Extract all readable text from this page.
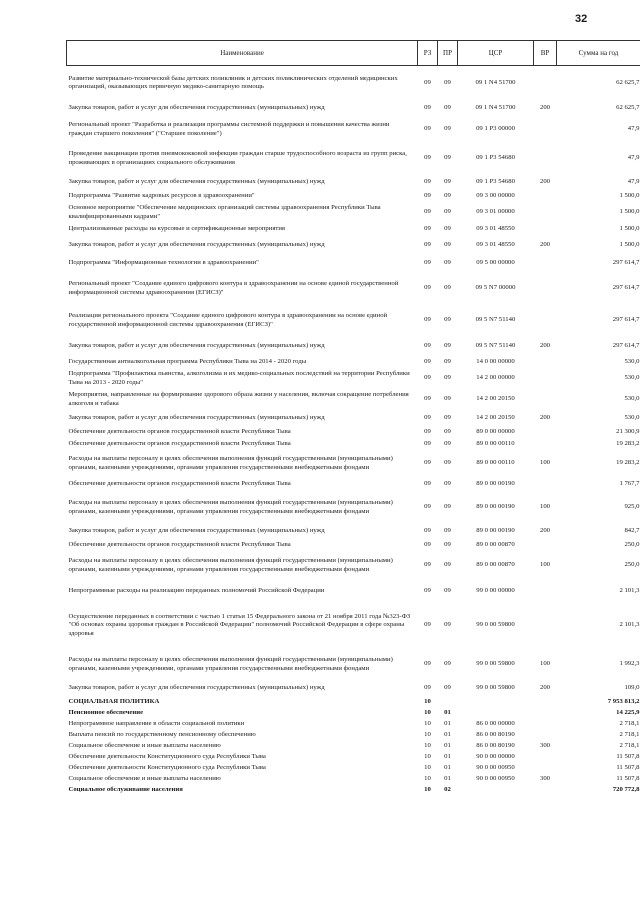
32
Наименование	РЗ	ПР	ЦСР	ВР	Сумма на год
Развитие материально-технической базы детских поликлиник и детских поликлинических отделений медицинских организаций, оказывающих первичную медико-санитарную помощь	09	09	09 1 N4 51700		62 625,7
Закупка товаров, работ и услуг для обеспечения государственных (муниципальных) нужд	09	09	09 1 N4 51700	200	62 625,7
Региональный проект "Разработка и реализация программы системной поддержки и повышения качества жизни граждан старшего поколения" ("Старшее поколение")	09	09	09 1 P3 00000		47,9
Проведение вакцинации против пневмококковой инфекции граждан старше трудоспособного возраста из групп риска, проживающих в организациях социального обслуживания	09	09	09 1 P3 54680		47,9
Закупка товаров, работ и услуг для обеспечения государственных (муниципальных) нужд	09	09	09 1 P3 54680	200	47,9
Подпрограмма "Развитие кадровых ресурсов в здравоохранении"	09	09	09 3 00 00000		1 500,0
Основное мероприятие "Обеспечение медицинских организаций системы здравоохранения Республики Тыва квалифицированными кадрами"	09	09	09 3 01 00000		1 500,0
Централизованные расходы на курсовые и сертификационные мероприятия	09	09	09 3 01 48550		1 500,0
Закупка товаров, работ и услуг для обеспечения государственных (муниципальных) нужд	09	09	09 3 01 48550	200	1 500,0
Подпрограмма "Информационные технологии в здравоохранении"	09	09	09 5 00 00000		297 614,7
Региональный проект "Создание единого цифрового контура в здравоохранении на основе единой государственной информационной системы здравоохранения (ЕГИСЗ)"	09	09	09 5 N7 00000		297 614,7
Реализация регионального проекта "Создание единого цифрового контура в здравоохранении на основе единой государственной информационной системы здравоохранения (ЕГИСЗ)"	09	09	09 5 N7 51140		297 614,7
Закупка товаров, работ и услуг для обеспечения государственных (муниципальных) нужд	09	09	09 5 N7 51140	200	297 614,7
Государственная антиалкогольная программа Республики Тыва на 2014 - 2020 годы	09	09	14 0 00 00000		530,0
Подпрограмма "Профилактика пьянства, алкоголизма и их медико-социальных последствий на территории Республики Тыва на 2013 - 2020 годы"	09	09	14 2 00 00000		530,0
Мероприятия, направленные на формирование здорового образа жизни у населения, включая сокращение потребления алкоголя и табака	09	09	14 2 00 20150		530,0
Закупка товаров, работ и услуг для обеспечения государственных (муниципальных) нужд	09	09	14 2 00 20150	200	530,0
Обеспечение деятельности органов государственной власти Республики Тыва	09	09	89 0 00 00000		21 300,9
Обеспечение деятельности органов государственной власти Республики Тыва	09	09	89 0 00 00110		19 283,2
Расходы на выплаты персоналу в целях обеспечения выполнения функций государственными (муниципальными) органами, казенными учреждениями, органами управления государственными внебюджетными фондами	09	09	89 0 00 00110	100	19 283,2
Обеспечение деятельности органов государственной власти Республики Тыва	09	09	89 0 00 00190		1 767,7
Расходы на выплаты персоналу в целях обеспечения выполнения функций государственными (муниципальными) органами, казенными учреждениями, органами управления государственными внебюджетными фондами	09	09	89 0 00 00190	100	925,0
Закупка товаров, работ и услуг для обеспечения государственных (муниципальных) нужд	09	09	89 0 00 00190	200	842,7
Обеспечение деятельности органов государственной власти Республики Тыва	09	09	89 0 00 00870		250,0
Расходы на выплаты персоналу в целях обеспечения выполнения функций государственными (муниципальными) органами, казенными учреждениями, органами управления государственными внебюджетными фондами	09	09	89 0 00 00870	100	250,0
Непрограммные расходы на реализацию переданных полномочий Российской Федерации	09	09	99 0 00 00000		2 101,3
Осуществление переданных в соответствии с частью 1 статьи 15 Федерального закона от 21 ноября 2011 года №323-ФЗ "Об основах охраны здоровья граждан в Российской Федерации" полномочий Российской Федерации в сфере охраны здоровья	09	09	99 0 00 59800		2 101,3
Расходы на выплаты персоналу в целях обеспечения выполнения функций государственными (муниципальными) органами, казенными учреждениями, органами управления государственными внебюджетными фондами	09	09	99 0 00 59800	100	1 992,3
Закупка товаров, работ и услуг для обеспечения государственных (муниципальных) нужд	09	09	99 0 00 59800	200	109,0
СОЦИАЛЬНАЯ ПОЛИТИКА	10				7 953 813,2
Пенсионное обеспечение	10	01			14 225,9
Непрограммное направление в области социальной политики	10	01	86 0 00 00000		2 718,1
Выплата пенсий по государственному пенсионному обеспечению	10	01	86 0 00 80190		2 718,1
Социальное обеспечение и иные выплаты населению	10	01	86 0 00 80190	300	2 718,1
Обеспечение деятельности Конституционного суда Республики Тыва	10	01	90 0 00 00000		11 507,8
Обеспечение деятельности Конституционного суда Республики Тыва	10	01	90 0 00 00950		11 507,8
Социальное обеспечение и иные выплаты населению	10	01	90 0 00 00950	300	11 507,8
Социальное обслуживание населения	10	02			720 772,8
